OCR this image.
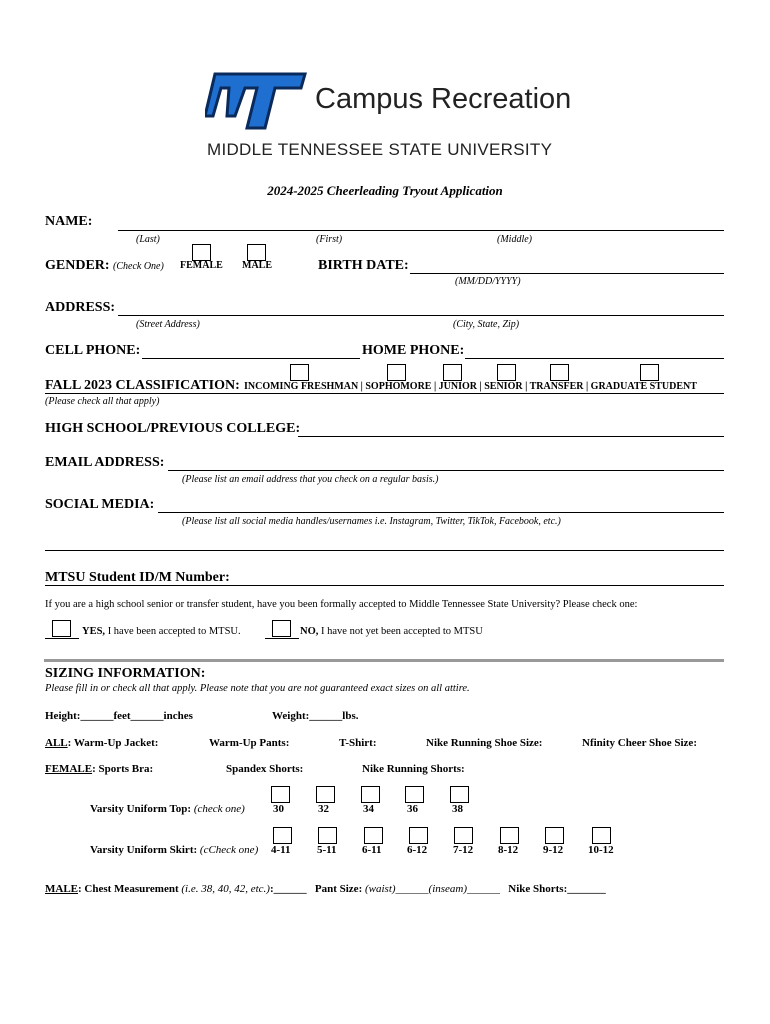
Campus Recreation
MIDDLE TENNESSEE STATE UNIVERSITY
2024-2025 Cheerleading Tryout Application
NAME:
(Last)	(First)	(Middle)
GENDER: (Check One) FEMALE MALE	BIRTH DATE:
(MM/DD/YYYY)
ADDRESS:
(Street Address)	(City, State, Zip)
CELL PHONE:	HOME PHONE:
FALL 2023 CLASSIFICATION: INCOMING FRESHMAN | SOPHOMORE | JUNIOR | SENIOR | TRANSFER | GRADUATE STUDENT
(Please check all that apply)
HIGH SCHOOL/PREVIOUS COLLEGE:
EMAIL ADDRESS:
(Please list an email address that you check on a regular basis.)
SOCIAL MEDIA:
(Please list all social media handles/usernames i.e. Instagram, Twitter, TikTok, Facebook, etc.)
MTSU Student ID/M Number:
If you are a high school senior or transfer student, have you been formally accepted to Middle Tennessee State University? Please check one:
YES, I have been accepted to MTSU.	NO, I have not yet been accepted to MTSU
SIZING INFORMATION:
Please fill in or check all that apply. Please note that you are not guaranteed exact sizes on all attire.
Height:______feet______inches	Weight:______lbs.
ALL: Warm-Up Jacket:	Warm-Up Pants:	T-Shirt:	Nike Running Shoe Size:	Nfinity Cheer Shoe Size:
FEMALE: Sports Bra:	Spandex Shorts:	Nike Running Shorts:
Varsity Uniform Top: (check one)	30	32	34	36	38
Varsity Uniform Skirt: (cCheck one) 4-11 5-11 6-11 6-12 7-12 8-12 9-12 10-12
MALE: Chest Measurement (i.e. 38, 40, 42, etc.):______ Pant Size: (waist)______(inseam)______ Nike Shorts:_______
